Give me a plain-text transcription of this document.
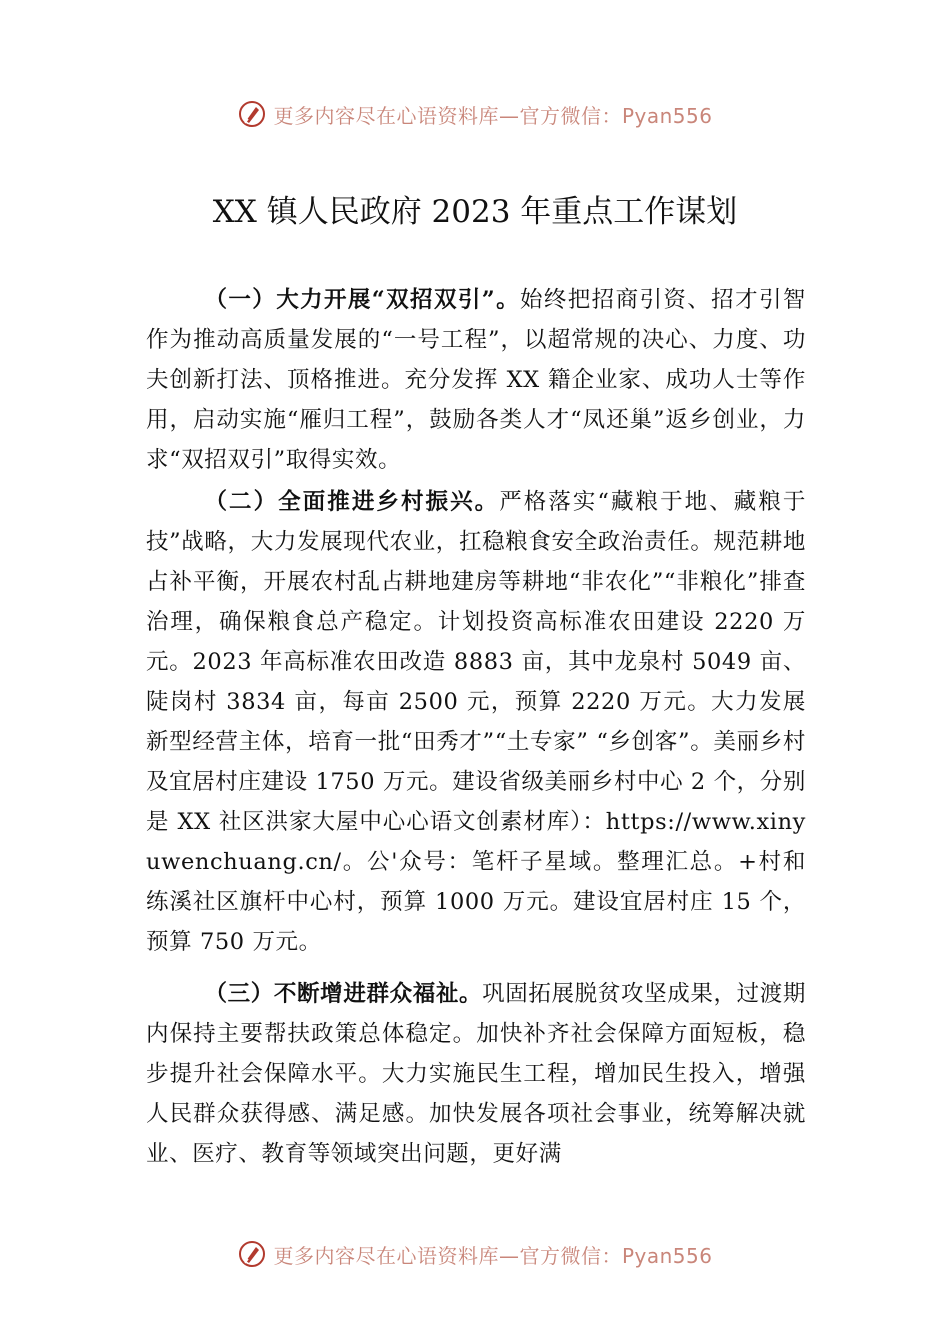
更多内容尽在心语资料库—官方微信：Pyan556
XX 镇人民政府 2023 年重点工作谋划

（一）大力开展“双招双引”。始终把招商引资、招才引智作为推动高质量发展的“一号工程”，以超常规的决心、力度、功夫创新打法、顶格推进。充分发挥 XX 籍企业家、成功人士等作用，启动实施“雁归工程”，鼓励各类人才“凤还巢”返乡创业，力求“双招双引”取得实效。

（二）全面推进乡村振兴。严格落实“藏粮于地、藏粮于技”战略，大力发展现代农业，扛稳粮食安全政治责任。规范耕地占补平衡，开展农村乱占耕地建房等耕地“非农化”“非粮化”排查治理，确保粮食总产稳定。计划投资高标准农田建设 2220 万元。2023 年高标准农田改造 8883 亩，其中龙泉村 5049 亩、陡岗村 3834 亩，每亩 2500 元，预算 2220 万元。大力发展新型经营主体，培育一批“田秀才”“土专家” “乡创客”。美丽乡村及宜居村庄建设 1750 万元。建设省级美丽乡村中心 2 个，分别是 XX 社区洪家大屋中心心语文创素材库）：https://www.xinyuwenchuang.cn/。公'众号：笔杆子星域。整理汇总。+村和练溪社区旗杆中心村，预算 1000 万元。建设宜居村庄 15 个，预算 750 万元。

（三）不断增进群众福祉。巩固拓展脱贫攻坚成果，过渡期内保持主要帮扶政策总体稳定。加快补齐社会保障方面短板，稳步提升社会保障水平。大力实施民生工程，增加民生投入，增强人民群众获得感、满足感。加快发展各项社会事业，统筹解决就业、医疗、教育等领域突出问题，更好满

更多内容尽在心语资料库—官方微信：Pyan556
